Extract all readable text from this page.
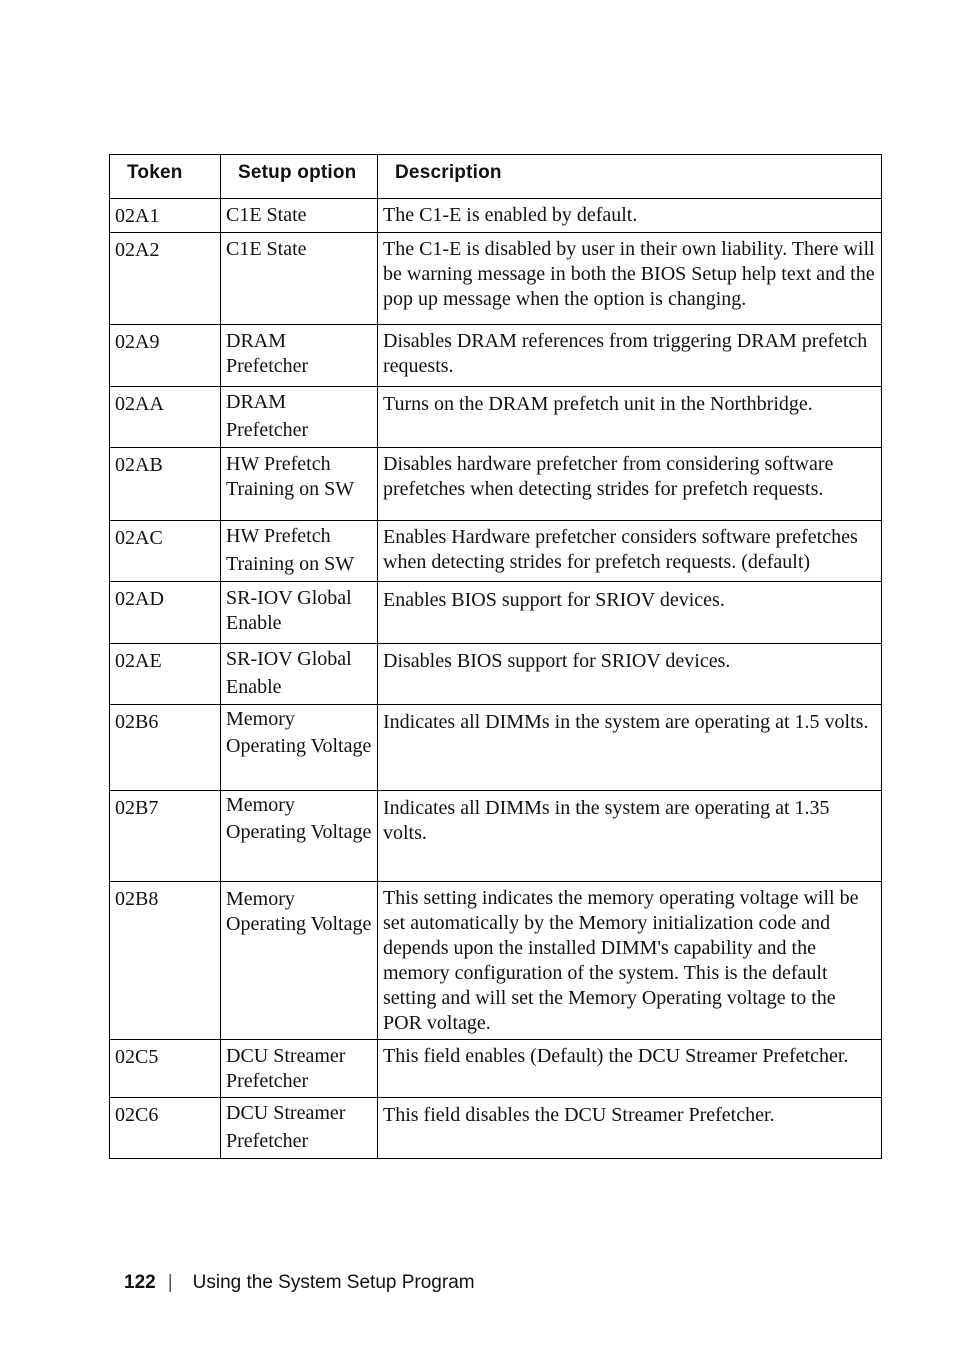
Token	Setup option	Description
02A1	C1E State	The C1-E is enabled by default.
02A2	C1E State	The C1-E is disabled by user in their own liability. There will be warning message in both the BIOS Setup help text and the pop up message when the option is changing.
02A9	DRAM Prefetcher	Disables DRAM references from triggering DRAM prefetch requests.
02AA	DRAM Prefetcher	Turns on the DRAM prefetch unit in the Northbridge.
02AB	HW Prefetch Training on SW	Disables hardware prefetcher from considering software prefetches when detecting strides for prefetch requests.
02AC	HW Prefetch Training on SW	Enables Hardware prefetcher considers software prefetches when detecting strides for prefetch requests. (default)
02AD	SR-IOV Global Enable	Enables BIOS support for SRIOV devices.
02AE	SR-IOV Global Enable	Disables BIOS support for SRIOV devices.
02B6	Memory Operating Voltage	Indicates all DIMMs in the system are operating at 1.5 volts.
02B7	Memory Operating Voltage	Indicates all DIMMs in the system are operating at 1.35 volts.
02B8	Memory Operating Voltage	This setting indicates the memory operating voltage will be set automatically by the Memory initialization code and depends upon the installed DIMM's capability and the memory configuration of the system. This is the default setting and will set the Memory Operating voltage to the POR voltage.
02C5	DCU Streamer Prefetcher	This field enables (Default) the DCU Streamer Prefetcher.
02C6	DCU Streamer Prefetcher	This field disables the DCU Streamer Prefetcher.
122 | Using the System Setup Program
